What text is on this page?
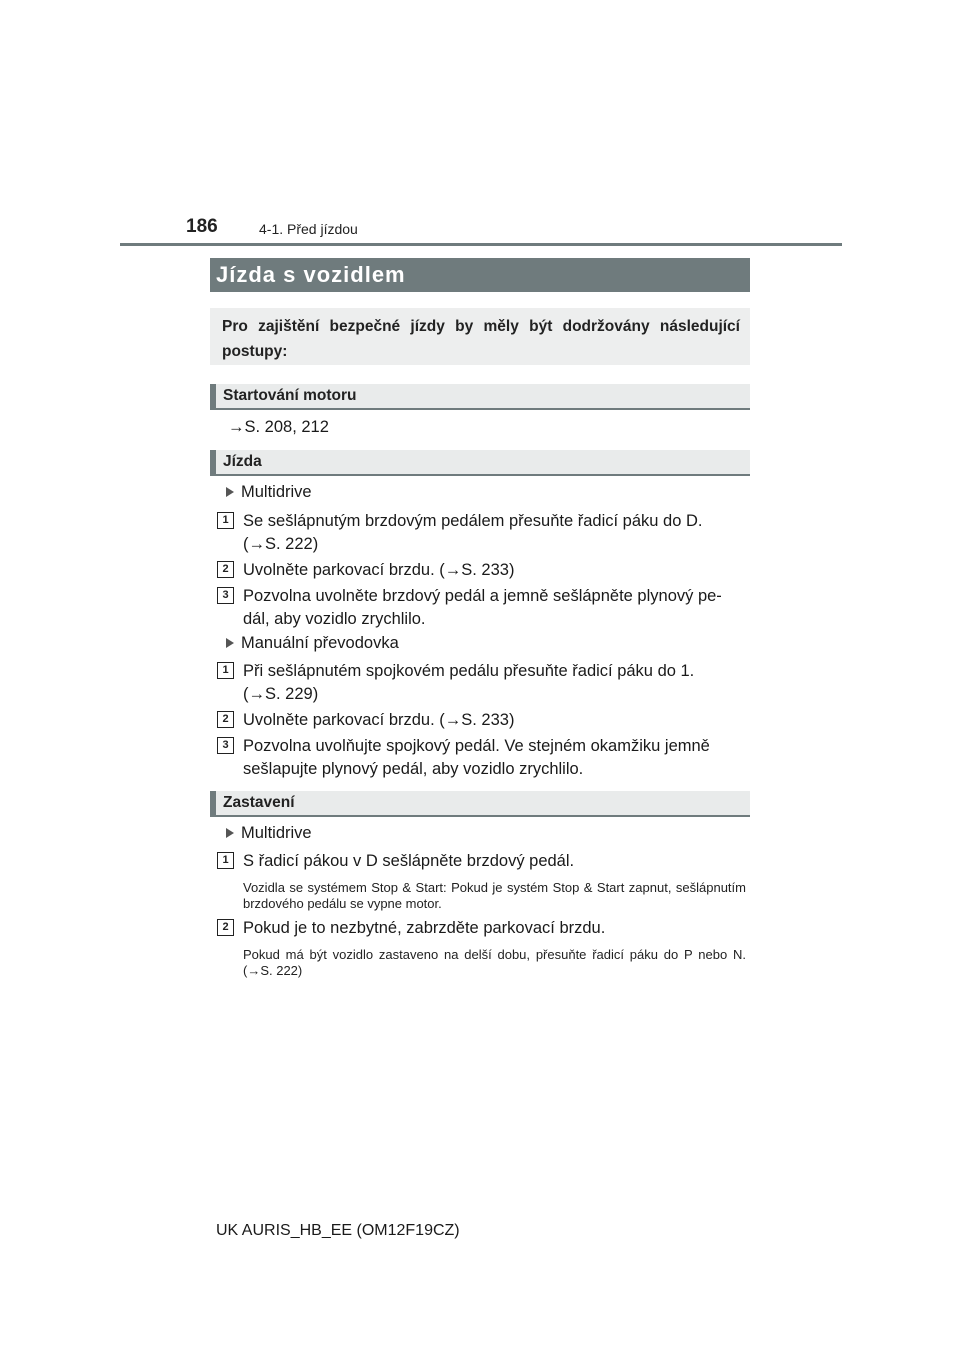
186	4-1. Před jízdou
Jízda s vozidlem
Pro zajištění bezpečné jízdy by měly být dodržovány následující postupy:
Startování motoru
→S. 208, 212
Jízda
Multidrive
1 Se sešlápnutým brzdovým pedálem přesuňte řadicí páku do D.
(→S. 222)
2 Uvolněte parkovací brzdu. (→S. 233)
3 Pozvolna uvolněte brzdový pedál a jemně sešlápněte plynový pe-
dál, aby vozidlo zrychlilo.
Manuální převodovka
1 Při sešlápnutém spojkovém pedálu přesuňte řadicí páku do 1.
(→S. 229)
2 Uvolněte parkovací brzdu. (→S. 233)
3 Pozvolna uvolňujte spojkový pedál. Ve stejném okamžiku jemně
sešlapujte plynový pedál, aby vozidlo zrychlilo.
Zastavení
Multidrive
1 S řadicí pákou v D sešlápněte brzdový pedál.
Vozidla se systémem Stop & Start: Pokud je systém Stop & Start zapnut, sešlápnutím brzdového pedálu se vypne motor.
2 Pokud je to nezbytné, zabrzděte parkovací brzdu.
Pokud má být vozidlo zastaveno na delší dobu, přesuňte řadicí páku do P nebo N. (→S. 222)
UK AURIS_HB_EE (OM12F19CZ)
